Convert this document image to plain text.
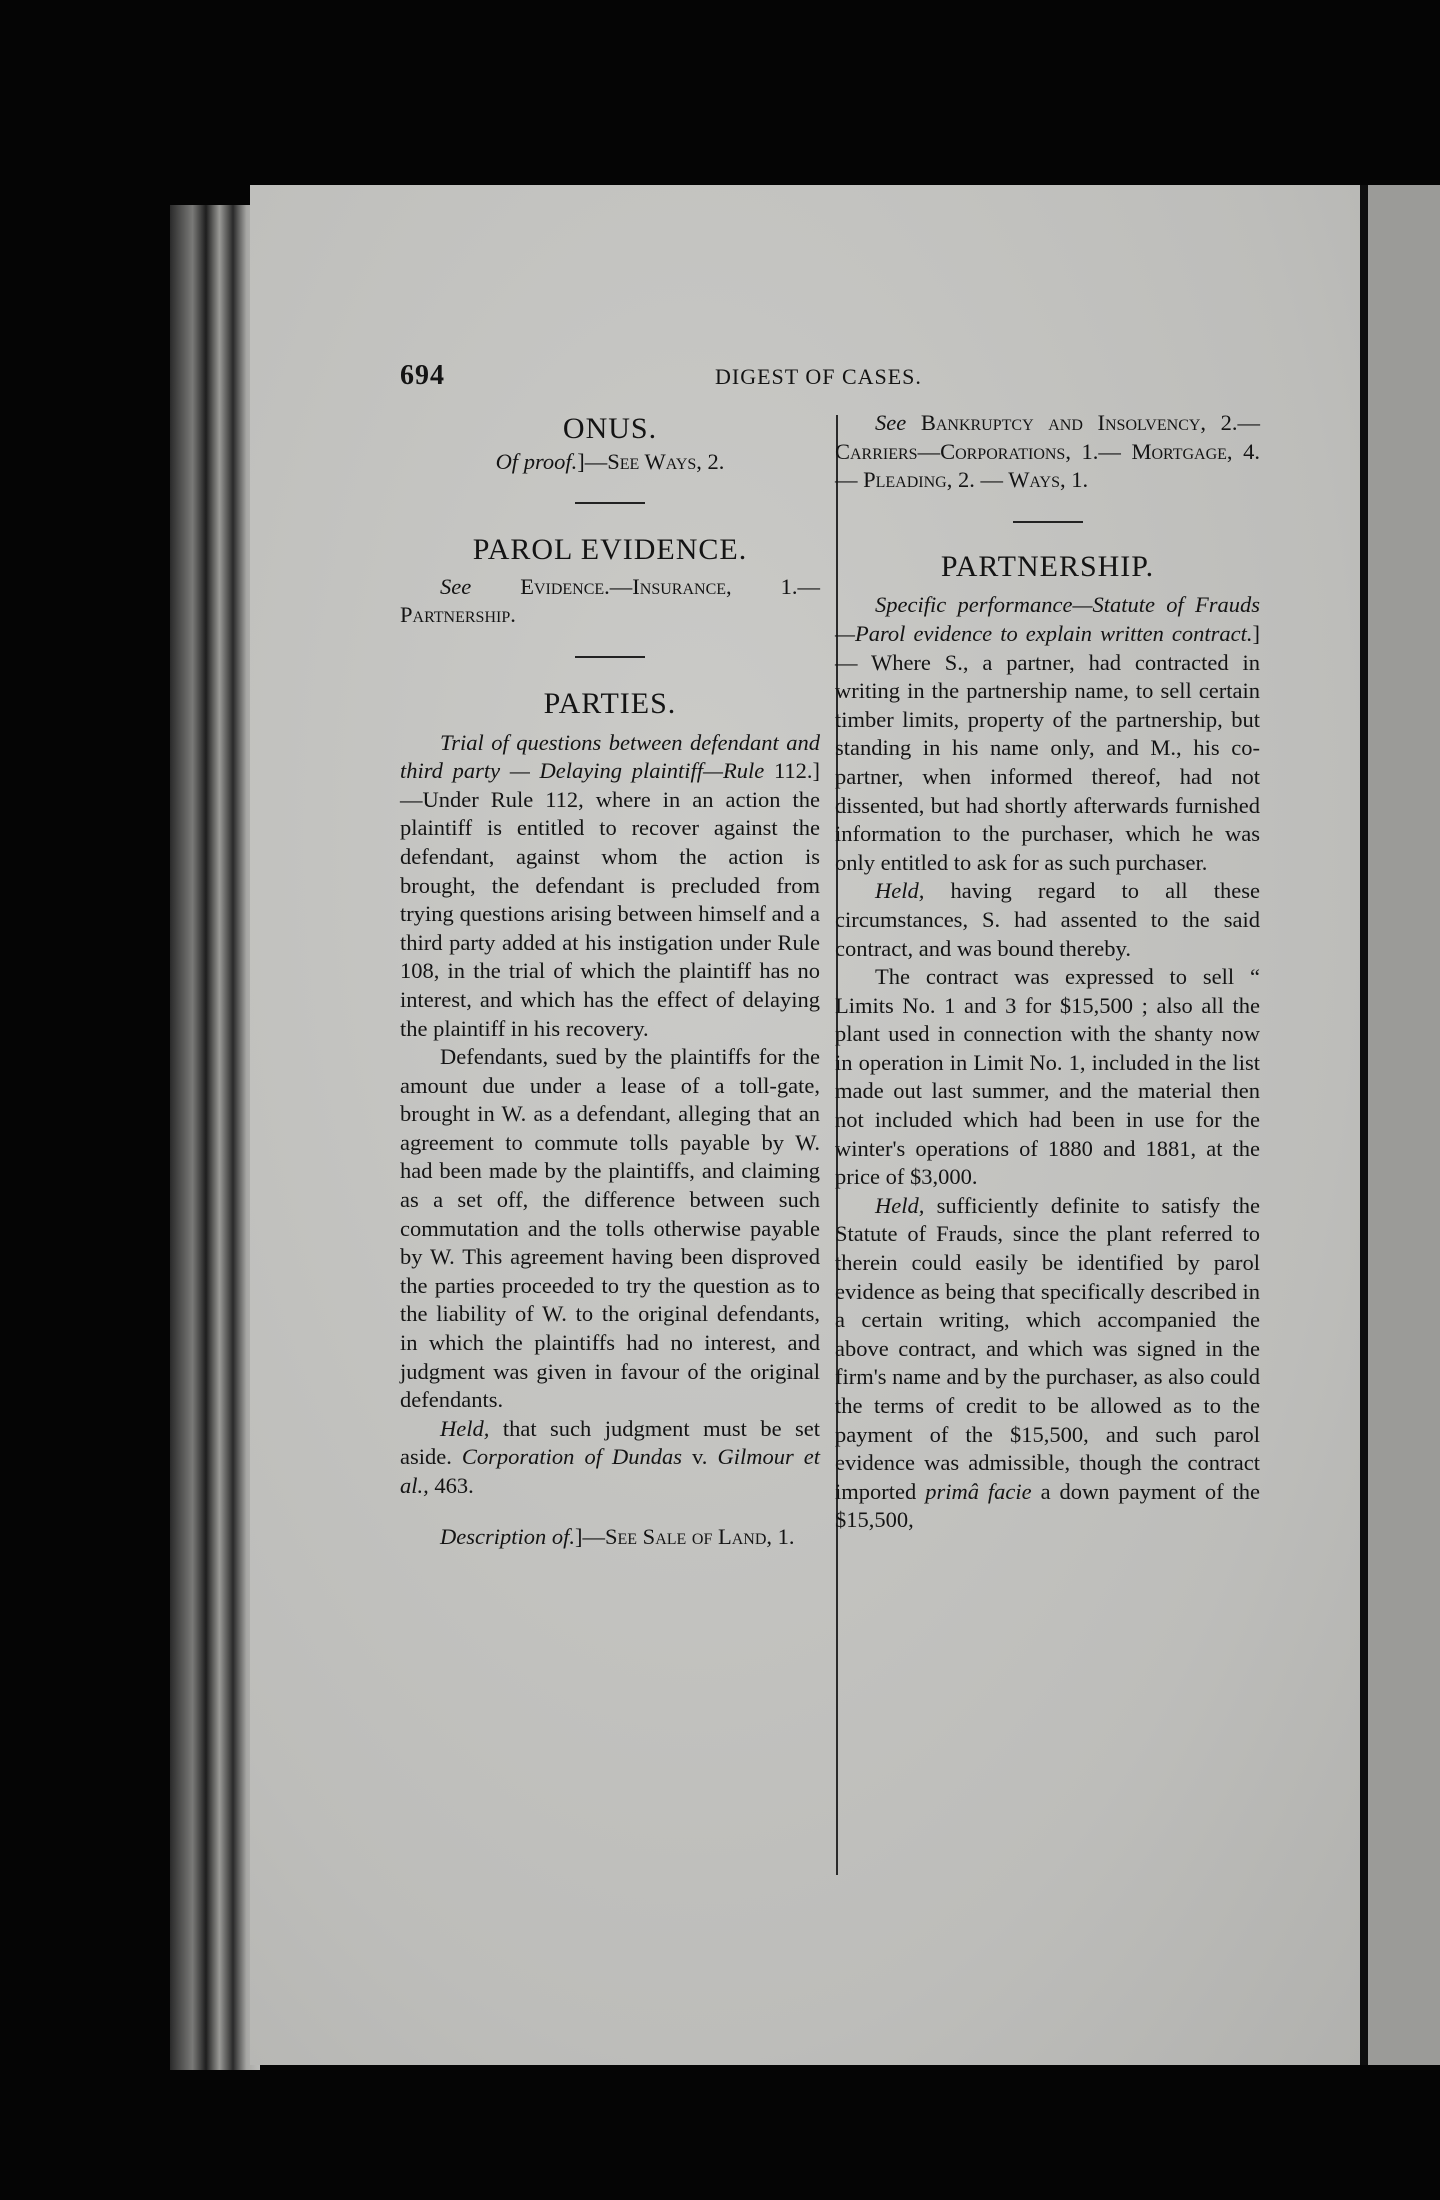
694	DIGEST OF CASES.

ONUS.

Of proof.]—See Ways, 2.

PAROL EVIDENCE.

See Evidence.—Insurance, 1.— Partnership.

PARTIES.

Trial of questions between defendant and third party — Delaying plaintiff—Rule 112.]—Under Rule 112, where in an action the plaintiff is entitled to recover against the defendant, against whom the action is brought, the defendant is precluded from trying questions arising between himself and a third party added at his instigation under Rule 108, in the trial of which the plaintiff has no interest, and which has the effect of delaying the plaintiff in his recovery.

Defendants, sued by the plaintiffs for the amount due under a lease of a toll-gate, brought in W. as a defendant, alleging that an agreement to commute tolls payable by W. had been made by the plaintiffs, and claiming as a set off, the difference between such commutation and the tolls otherwise payable by W. This agreement having been disproved the parties proceeded to try the question as to the liability of W. to the original defendants, in which the plaintiffs had no interest, and judgment was given in favour of the original defendants.

Held, that such judgment must be set aside. Corporation of Dundas v. Gilmour et al., 463.

Description of.]—See Sale of Land, 1.

See Bankruptcy and Insolvency, 2.—Carriers—Corporations, 1.— Mortgage, 4. — Pleading, 2. — Ways, 1.

PARTNERSHIP.

Specific performance—Statute of Frauds—Parol evidence to explain written contract.] — Where S., a partner, had contracted in writing in the partnership name, to sell certain timber limits, property of the partnership, but standing in his name only, and M., his co-partner, when informed thereof, had not dissented, but had shortly afterwards furnished information to the purchaser, which he was only entitled to ask for as such purchaser.

Held, having regard to all these circumstances, S. had assented to the said contract, and was bound thereby.

The contract was expressed to sell “ Limits No. 1 and 3 for $15,500 ; also all the plant used in connection with the shanty now in operation in Limit No. 1, included in the list made out last summer, and the material then not included which had been in use for the winter's operations of 1880 and 1881, at the price of $3,000.

Held, sufficiently definite to satisfy the Statute of Frauds, since the plant referred to therein could easily be identified by parol evidence as being that specifically described in a certain writing, which accompanied the above contract, and which was signed in the firm's name and by the purchaser, as also could the terms of credit to be allowed as to the payment of the $15,500, and such parol evidence was admissible, though the contract imported primâ facie a down payment of the $15,500,
